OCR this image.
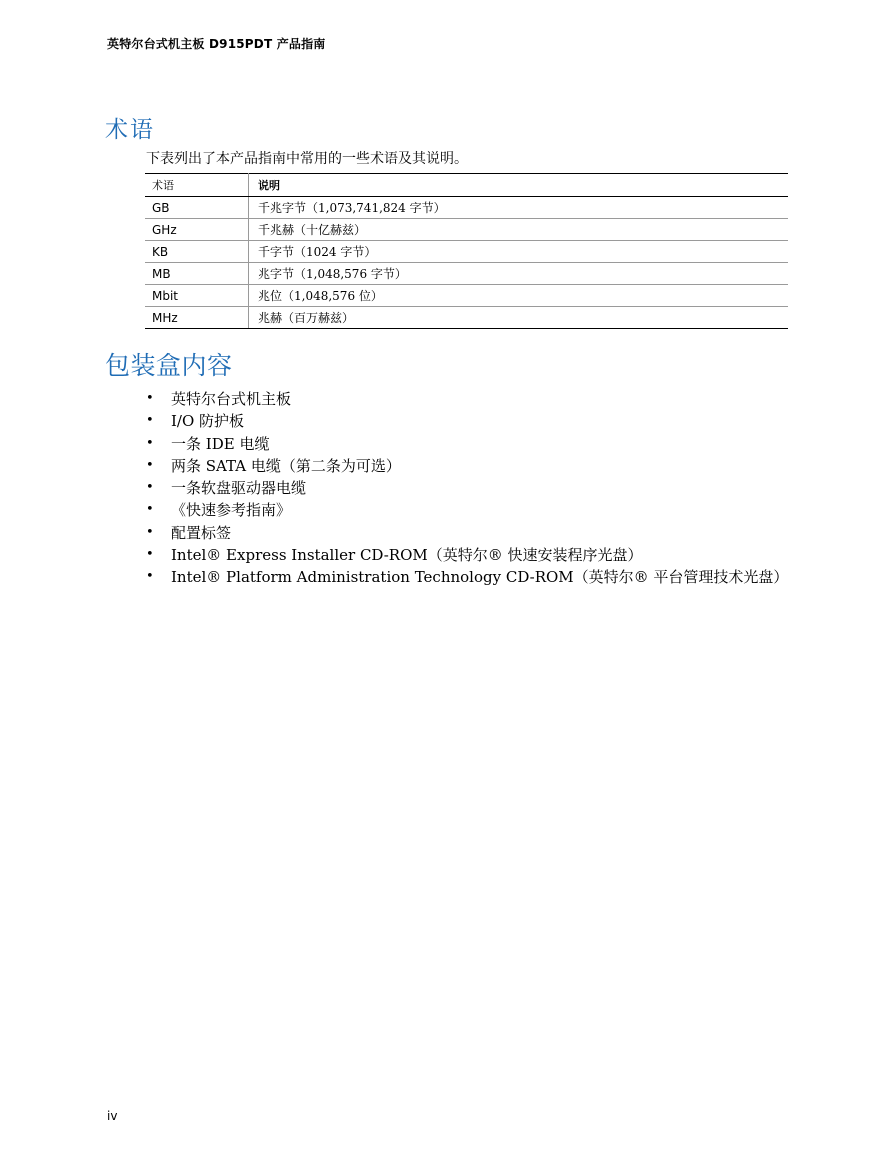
英特尔台式机主板 D915PDT 产品指南
术语
下表列出了本产品指南中常用的一些术语及其说明。
术语	说明
GB	千兆字节（1,073,741,824 字节）
GHz	千兆赫（十亿赫兹）
KB	千字节（1024 字节）
MB	兆字节（1,048,576 字节）
Mbit	兆位（1,048,576 位）
MHz	兆赫（百万赫兹）
包装盒内容
• 英特尔台式机主板
• I/O 防护板
• 一条 IDE 电缆
• 两条 SATA 电缆（第二条为可选）
• 一条软盘驱动器电缆
• 《快速参考指南》
• 配置标签
• Intel® Express Installer CD-ROM（英特尔® 快速安装程序光盘）
• Intel® Platform Administration Technology CD-ROM（英特尔® 平台管理技术光盘）
iv
